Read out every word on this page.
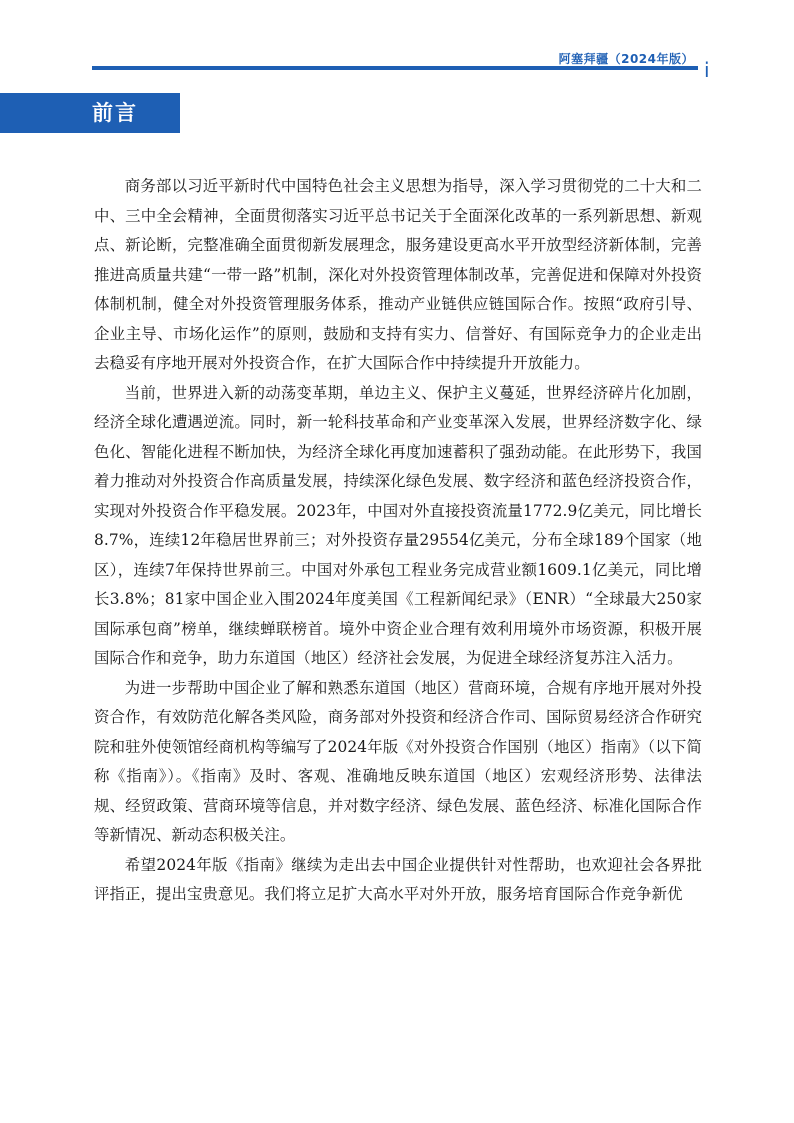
阿塞拜疆（2024年版） i
前言

商务部以习近平新时代中国特色社会主义思想为指导，深入学习贯彻党的二十大和二中、三中全会精神，全面贯彻落实习近平总书记关于全面深化改革的一系列新思想、新观点、新论断，完整准确全面贯彻新发展理念，服务建设更高水平开放型经济新体制，完善推进高质量共建“一带一路”机制，深化对外投资管理体制改革，完善促进和保障对外投资体制机制，健全对外投资管理服务体系，推动产业链供应链国际合作。按照“政府引导、企业主导、市场化运作”的原则，鼓励和支持有实力、信誉好、有国际竞争力的企业走出去稳妥有序地开展对外投资合作，在扩大国际合作中持续提升开放能力。

当前，世界进入新的动荡变革期，单边主义、保护主义蔓延，世界经济碎片化加剧，经济全球化遭遇逆流。同时，新一轮科技革命和产业变革深入发展，世界经济数字化、绿色化、智能化进程不断加快，为经济全球化再度加速蓄积了强劲动能。在此形势下，我国着力推动对外投资合作高质量发展，持续深化绿色发展、数字经济和蓝色经济投资合作，实现对外投资合作平稳发展。2023年，中国对外直接投资流量1772.9亿美元，同比增长8.7%，连续12年稳居世界前三；对外投资存量29554亿美元，分布全球189个国家（地区），连续7年保持世界前三。中国对外承包工程业务完成营业额1609.1亿美元，同比增长3.8%；81家中国企业入围2024年度美国《工程新闻纪录》（ENR）“全球最大250家国际承包商”榜单，继续蝉联榜首。境外中资企业合理有效利用境外市场资源，积极开展国际合作和竞争，助力东道国（地区）经济社会发展，为促进全球经济复苏注入活力。

为进一步帮助中国企业了解和熟悉东道国（地区）营商环境，合规有序地开展对外投资合作，有效防范化解各类风险，商务部对外投资和经济合作司、国际贸易经济合作研究院和驻外使领馆经商机构等编写了2024年版《对外投资合作国别（地区）指南》（以下简称《指南》）。《指南》及时、客观、准确地反映东道国（地区）宏观经济形势、法律法规、经贸政策、营商环境等信息，并对数字经济、绿色发展、蓝色经济、标准化国际合作等新情况、新动态积极关注。

希望2024年版《指南》继续为走出去中国企业提供针对性帮助，也欢迎社会各界批评指正，提出宝贵意见。我们将立足扩大高水平对外开放，服务培育国际合作竞争新优
